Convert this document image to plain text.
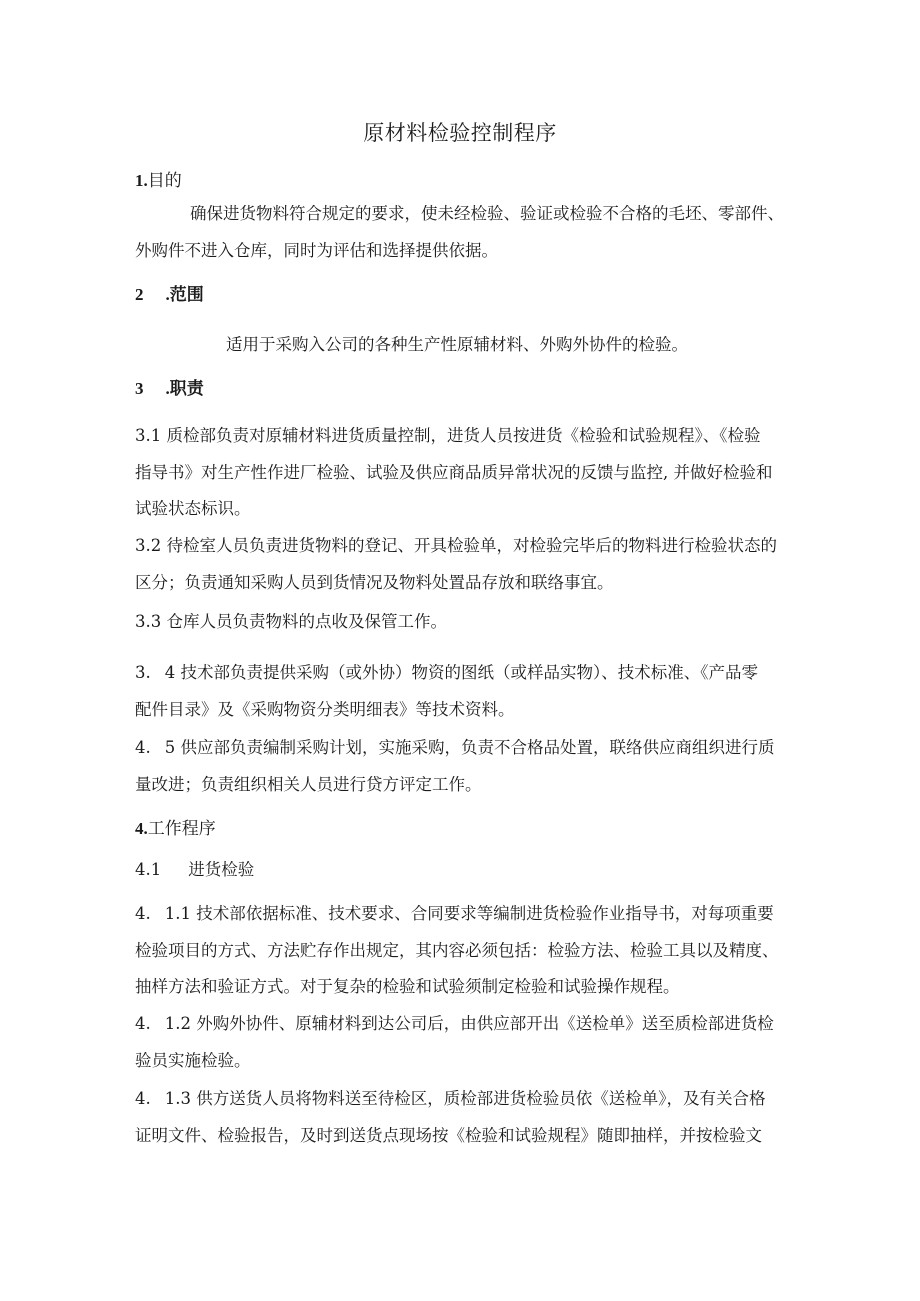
原材料检验控制程序
1.目的
确保进货物料符合规定的要求，使未经检验、验证或检验不合格的毛坯、零部件、
外购件不进入仓库，同时为评估和选择提供依据。
2 .范围
适用于采购入公司的各种生产性原辅材料、外购外协件的检验。
3 .职责
3.1 质检部负责对原辅材料进货质量控制，进货人员按进货《检验和试验规程》、《检验
指导书》对生产性作进厂检验、试验及供应商品质异常状况的反馈与监控, 并做好检验和
试验状态标识。
3.2 待检室人员负责进货物料的登记、开具检验单，对检验完毕后的物料进行检验状态的
区分；负责通知采购人员到货情况及物料处置品存放和联络事宜。
3.3 仓库人员负责物料的点收及保管工作。
3. 4 技术部负责提供采购（或外协）物资的图纸（或样品实物）、技术标准、《产品零
配件目录》及《采购物资分类明细表》等技术资料。
4. 5 供应部负责编制采购计划，实施采购，负责不合格品处置，联络供应商组织进行质
量改进；负责组织相关人员进行贷方评定工作。
4.工作程序
4.1 进货检验
4. 1.1 技术部依据标准、技术要求、合同要求等编制进货检验作业指导书，对每项重要
检验项目的方式、方法贮存作出规定，其内容必须包括：检验方法、检验工具以及精度、
抽样方法和验证方式。对于复杂的检验和试验须制定检验和试验操作规程。
4. 1.2 外购外协件、原辅材料到达公司后，由供应部开出《送检单》送至质检部进货检
验员实施检验。
4. 1.3 供方送货人员将物料送至待检区，质检部进货检验员依《送检单》，及有关合格
证明文件、检验报告，及时到送货点现场按《检验和试验规程》随即抽样，并按检验文
